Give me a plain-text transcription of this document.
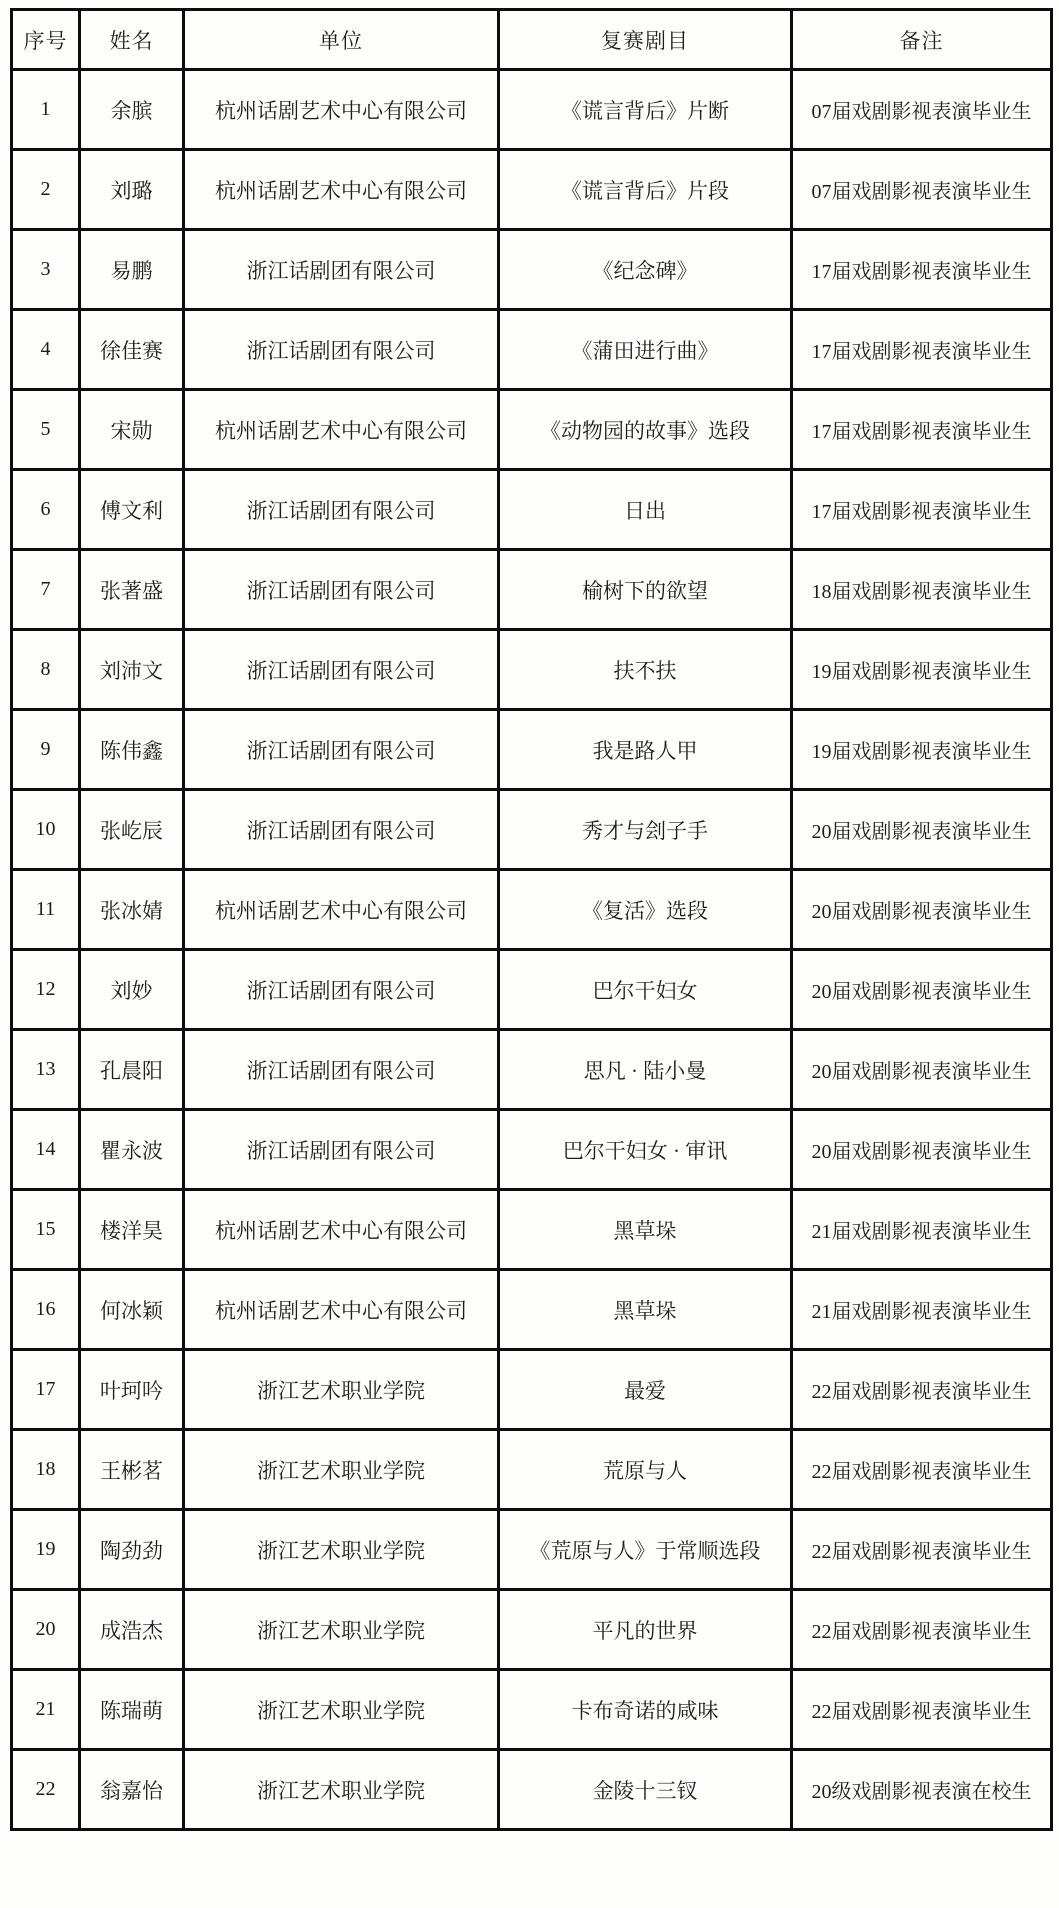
序号	姓名	单位	复赛剧目	备注
1	余膑	杭州话剧艺术中心有限公司	《谎言背后》片断	07届戏剧影视表演毕业生
2	刘璐	杭州话剧艺术中心有限公司	《谎言背后》片段	07届戏剧影视表演毕业生
3	易鹏	浙江话剧团有限公司	《纪念碑》	17届戏剧影视表演毕业生
4	徐佳赛	浙江话剧团有限公司	《蒲田进行曲》	17届戏剧影视表演毕业生
5	宋勋	杭州话剧艺术中心有限公司	《动物园的故事》选段	17届戏剧影视表演毕业生
6	傅文利	浙江话剧团有限公司	日出	17届戏剧影视表演毕业生
7	张著盛	浙江话剧团有限公司	榆树下的欲望	18届戏剧影视表演毕业生
8	刘沛文	浙江话剧团有限公司	扶不扶	19届戏剧影视表演毕业生
9	陈伟鑫	浙江话剧团有限公司	我是路人甲	19届戏剧影视表演毕业生
10	张屹辰	浙江话剧团有限公司	秀才与刽子手	20届戏剧影视表演毕业生
11	张冰婧	杭州话剧艺术中心有限公司	《复活》选段	20届戏剧影视表演毕业生
12	刘妙	浙江话剧团有限公司	巴尔干妇女	20届戏剧影视表演毕业生
13	孔晨阳	浙江话剧团有限公司	思凡 · 陆小曼	20届戏剧影视表演毕业生
14	瞿永波	浙江话剧团有限公司	巴尔干妇女 · 审讯	20届戏剧影视表演毕业生
15	楼洋昊	杭州话剧艺术中心有限公司	黑草垛	21届戏剧影视表演毕业生
16	何冰颖	杭州话剧艺术中心有限公司	黑草垛	21届戏剧影视表演毕业生
17	叶珂吟	浙江艺术职业学院	最爱	22届戏剧影视表演毕业生
18	王彬茗	浙江艺术职业学院	荒原与人	22届戏剧影视表演毕业生
19	陶劲劲	浙江艺术职业学院	《荒原与人》于常顺选段	22届戏剧影视表演毕业生
20	成浩杰	浙江艺术职业学院	平凡的世界	22届戏剧影视表演毕业生
21	陈瑞萌	浙江艺术职业学院	卡布奇诺的咸味	22届戏剧影视表演毕业生
22	翁嘉怡	浙江艺术职业学院	金陵十三钗	20级戏剧影视表演在校生
